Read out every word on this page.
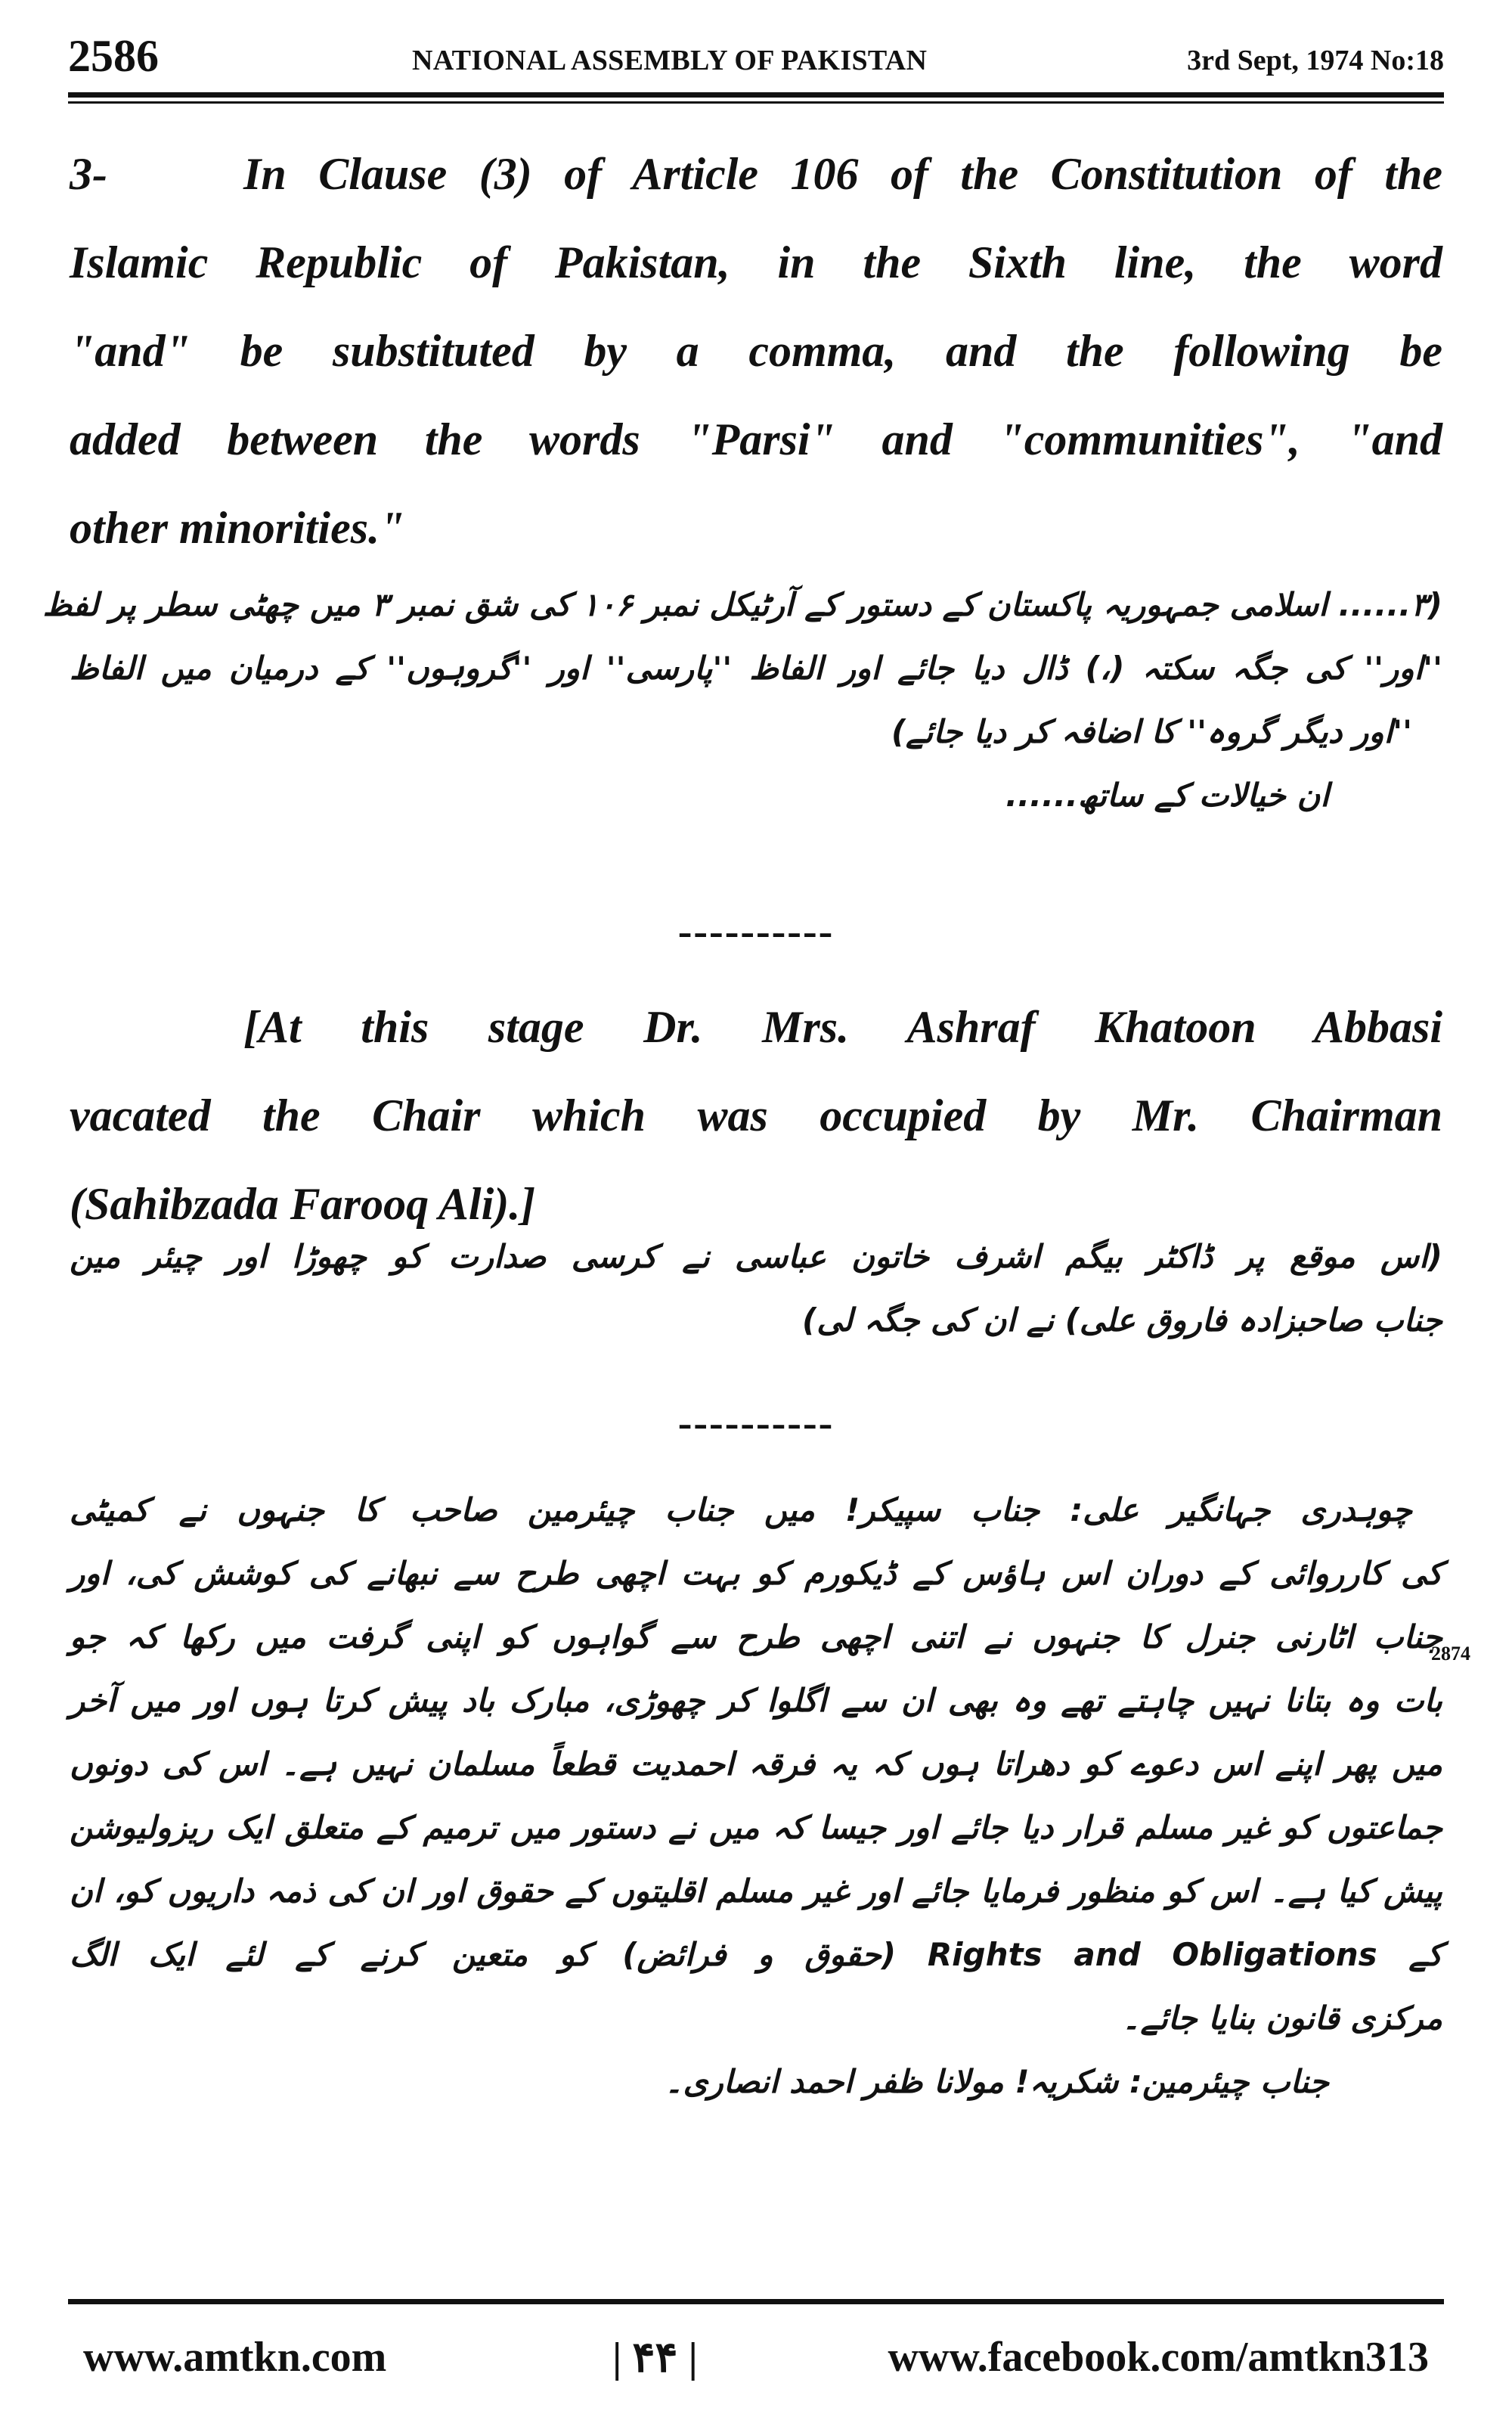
2586	NATIONAL ASSEMBLY OF PAKISTAN	3rd Sept, 1974 No:18
3-	In Clause (3) of Article 106 of the Constitution of the
Islamic Republic of Pakistan, in the Sixth line, the word
"and" be substituted by a comma, and the following be
added between the words "Parsi" and "communities", "and
other minorities."
(۳...... اسلامی جمہوریہ پاکستان کے دستور کے آرٹیکل نمبر ۱۰۶ کی شق نمبر ۳ میں چھٹی سطر پر لفظ
''اور'' کی جگہ سکتہ (،) ڈال دیا جائے اور الفاظ ''پارسی'' اور ''گروہوں'' کے درمیان میں الفاظ
''اور دیگر گروہ'' کا اضافہ کر دیا جائے)
ان خیالات کے ساتھ......
----------
[At this stage Dr. Mrs. Ashraf Khatoon Abbasi
vacated the Chair which was occupied by Mr. Chairman
(Sahibzada Farooq Ali).]
(اس موقع پر ڈاکٹر بیگم اشرف خاتون عباسی نے کرسی صدارت کو چھوڑا اور چیئر مین
جناب صاحبزادہ فاروق علی) نے ان کی جگہ لی)
----------
2874
چوہدری جہانگیر علی: جناب سپیکر! میں جناب چیئرمین صاحب کا جنہوں نے کمیٹی
کی کارروائی کے دوران اس ہاؤس کے ڈیکورم کو بہت اچھی طرح سے نبھانے کی کوشش کی، اور
جناب اٹارنی جنرل کا جنہوں نے اتنی اچھی طرح سے گواہوں کو اپنی گرفت میں رکھا کہ جو
بات وہ بتانا نہیں چاہتے تھے وہ بھی ان سے اگلوا کر چھوڑی، مبارک باد پیش کرتا ہوں اور میں آخر
میں پھر اپنے اس دعوے کو دھراتا ہوں کہ یہ فرقہ احمدیت قطعاً مسلمان نہیں ہے۔ اس کی دونوں
جماعتوں کو غیر مسلم قرار دیا جائے اور جیسا کہ میں نے دستور میں ترمیم کے متعلق ایک ریزولیوشن
پیش کیا ہے۔ اس کو منظور فرمایا جائے اور غیر مسلم اقلیتوں کے حقوق اور ان کی ذمہ داریوں کو، ان
کے Rights and Obligations (حقوق و فرائض) کو متعین کرنے کے لئے ایک الگ
مرکزی قانون بنایا جائے۔
جناب چیئرمین: شکریہ! مولانا ظفر احمد انصاری۔
www.amtkn.com	| ۴۴ |	www.facebook.com/amtkn313
